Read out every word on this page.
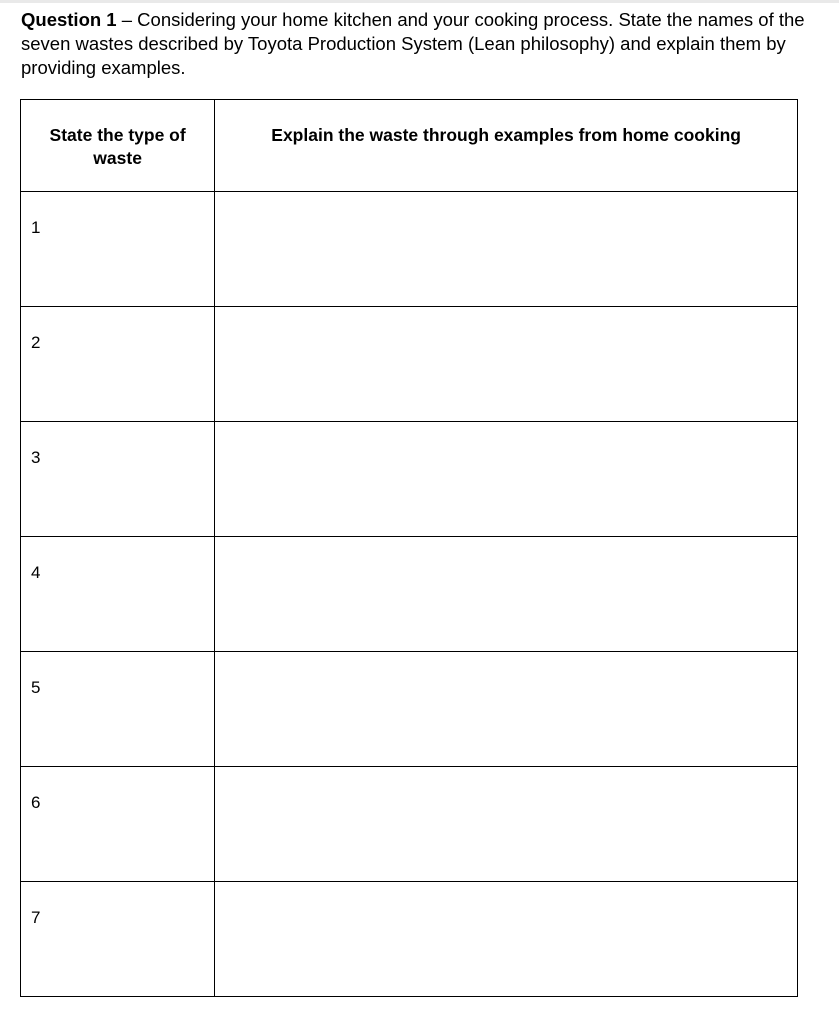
Question 1 – Considering your home kitchen and your cooking process. State the names of the seven wastes described by Toyota Production System (Lean philosophy) and explain them by providing examples.
State the type of waste	Explain the waste through examples from home cooking
1	
2	
3	
4	
5	
6	
7	
